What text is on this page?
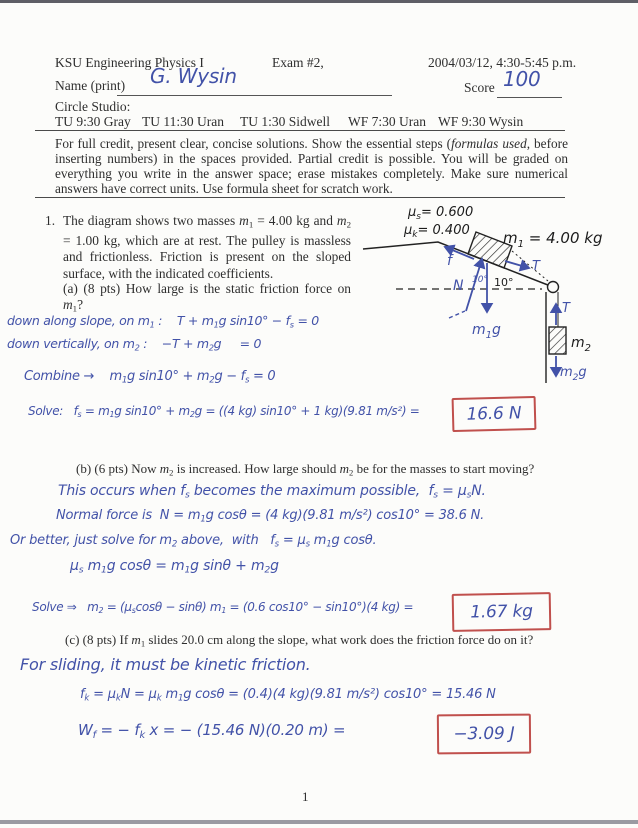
KSU Engineering Physics I	Exam #2,	2004/03/12, 4:30-5:45 p.m.
Name (print) G. Wysin	Score 100
Circle Studio:
TU 9:30 Gray TU 11:30 Uran TU 1:30 Sidwell WF 7:30 Uran WF 9:30 Wysin
For full credit, present clear, concise solutions. Show the essential steps (formulas used, before inserting numbers) in the spaces provided. Partial credit is possible. You will be graded on everything you write in the answer space; erase mistakes completely. Make sure numerical answers have correct units. Use formula sheet for scratch work.
1. The diagram shows two masses $m_1 = 4.00$ kg and $m_2 = 1.00$ kg, which are at rest. The pulley is massless and frictionless. Friction is present on the sloped surface, with the indicated coefficients.
(a) (8 pts) How large is the static friction force on $m_1$?
$\mu_s= 0.600$
$\mu_k= 0.400$ $m_1 = 4.00$ kg
$m_2$
10°
f	T
N 10°
$m_1g$
T
$m_2g$
down along slope, on $m_1$ :    $T + m_1g$ $\sin 10^\circ - f_s = 0$
down vertically, on $m_2$ :    $-T + m_2g$     = 0
Combine →    $m_1g$ $\sin 10^\circ + m_2g - f_s = 0$
Solve:   $f_s = m_1g$ $\sin 10^\circ + m_2g = ((4$ kg) sin10° + 1 kg)(9.81 m/s²) =	16.6 N
(b) (6 pts) Now $m_2$ is increased. How large should $m_2$ be for the masses to start moving?
This occurs when $f_s$ becomes the maximum possible,  $f_s = \mu_sN$.
Normal force is  $N = m_1g$ cosθ = (4 kg)(9.81 m/s²) cos10° = 38.6 N.
Or better, just solve for $m_2$ above,  with   $f_s = \mu_s$ $m_1g$ cosθ.
$\mu_s$ $m_1g$ $\cos\theta = m_1g$ $\sin\theta + m_2g$
Solve ⇒   $m_2 = (\mu_s\cos\theta - \sin\theta) m_1 = (0.6$ cos10° − sin10°)(4 kg) =	1.67 kg
(c) (8 pts) If $m_1$ slides 20.0 cm along the slope, what work does the friction force do on it?
For sliding, it must be kinetic friction.
$f_k = \mu_kN = \mu_k$ $m_1g$ cosθ = (0.4)(4 kg)(9.81 m/s²) cos10° = 15.46 N
$W_f$ = − $f_k$ x = − (15.46 N)(0.20 m) =	−3.09 J
1
